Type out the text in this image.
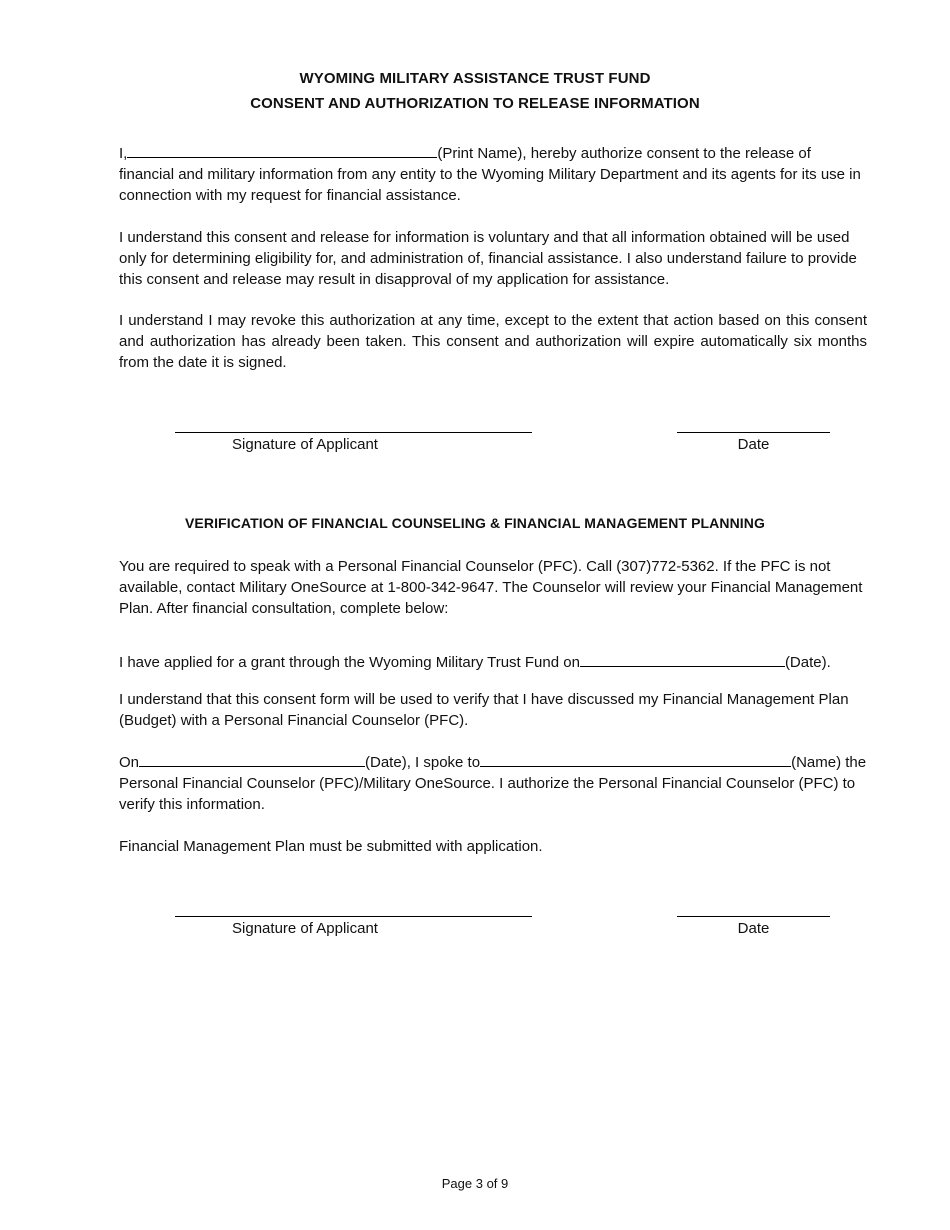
WYOMING MILITARY ASSISTANCE TRUST FUND
CONSENT AND AUTHORIZATION TO RELEASE INFORMATION

I,	(Print Name), hereby authorize consent to the release of financial and military information from any entity to the Wyoming Military Department and its agents for its use in connection with my request for financial assistance.

I understand this consent and release for information is voluntary and that all information obtained will be used only for determining eligibility for, and administration of, financial assistance. I also understand failure to provide this consent and release may result in disapproval of my application for assistance.

I understand I may revoke this authorization at any time, except to the extent that action based on this consent and authorization has already been taken. This consent and authorization will expire automatically six months from the date it is signed.

Signature of Applicant	Date
VERIFICATION OF FINANCIAL COUNSELING & FINANCIAL MANAGEMENT PLANNING

You are required to speak with a Personal Financial Counselor (PFC). Call (307)772-5362. If the PFC is not available, contact Military OneSource at 1-800-342-9647. The Counselor will review your Financial Management Plan. After financial consultation, complete below:

I have applied for a grant through the Wyoming Military Trust Fund on	(Date).

I understand that this consent form will be used to verify that I have discussed my Financial Management Plan (Budget) with a Personal Financial Counselor (PFC).

On	(Date), I spoke to	(Name) the Personal Financial Counselor (PFC)/Military OneSource. I authorize the Personal Financial Counselor (PFC) to verify this information.

Financial Management Plan must be submitted with application.

Signature of Applicant	Date
Page 3 of 9
